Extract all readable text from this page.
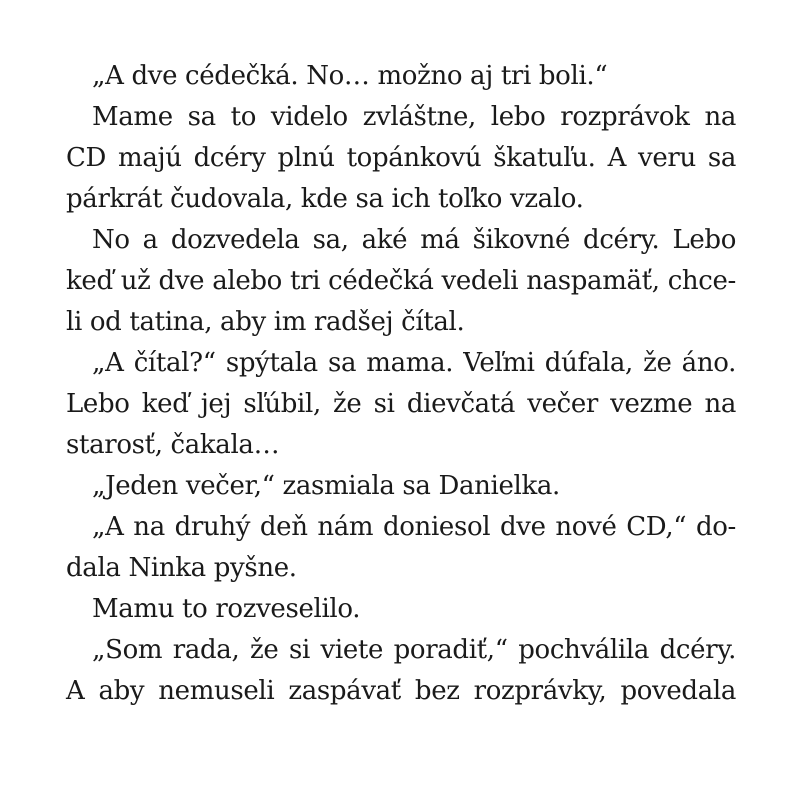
„A dve cédečká. No… možno aj tri boli.“
Mame sa to videlo zvláštne, lebo rozprávok na
CD majú dcéry plnú topánkovú škatuľu. A veru sa
párkrát čudovala, kde sa ich toľko vzalo.
No a dozvedela sa, aké má šikovné dcéry. Lebo
keď už dve alebo tri cédečká vedeli naspamäť, chce-
li od tatina, aby im radšej čítal.
„A čítal?“ spýtala sa mama. Veľmi dúfala, že áno.
Lebo keď jej sľúbil, že si dievčatá večer vezme na
starosť, čakala…
„Jeden večer,“ zasmiala sa Danielka.
„A na druhý deň nám doniesol dve nové CD,“ do-
dala Ninka pyšne.
Mamu to rozveselilo.
„Som rada, že si viete poradiť,“ pochválila dcéry.
A aby nemuseli zaspávať bez rozprávky, povedala
